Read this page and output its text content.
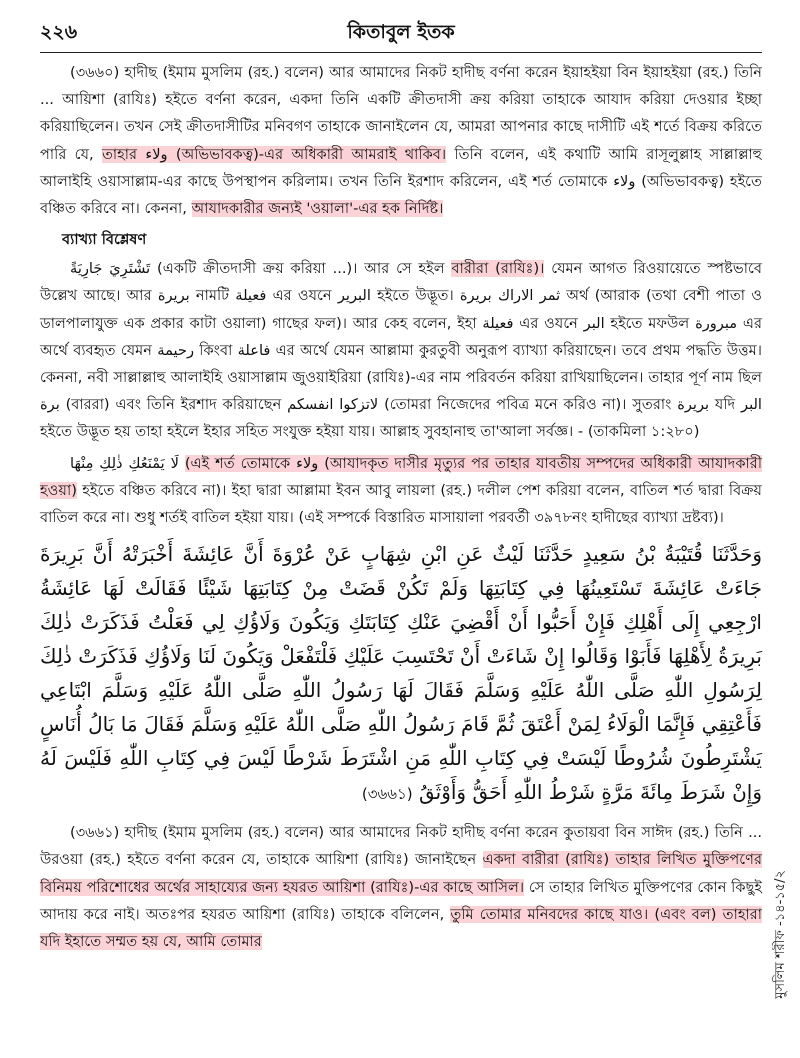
২২৬	কিতাবুল ইতক

(৩৬৬০) হাদীছ (ইমাম মুসলিম (রহ.) বলেন) আর আমাদের নিকট হাদীছ বর্ণনা করেন ইয়াহইয়া বিন ইয়াহইয়া (রহ.) তিনি ... আয়িশা (রাযিঃ) হইতে বর্ণনা করেন, একদা তিনি একটি ক্রীতদাসী ক্রয় করিয়া তাহাকে আযাদ করিয়া দেওয়ার ইচ্ছা করিয়াছিলেন। তখন সেই ক্রীতদাসীটির মনিবগণ তাহাকে জানাইলেন যে, আমরা আপনার কাছে দাসীটি এই শর্তে বিক্রয় করিতে পারি যে, তাহার ولاء (অভিভাবকত্ব)-এর অধিকারী আমরাই থাকিব। তিনি বলেন, এই কথাটি আমি রাসূলুল্লাহ সাল্লাল্লাহু আলাইহি ওয়াসাল্লাম-এর কাছে উপস্থাপন করিলাম। তখন তিনি ইরশাদ করিলেন, এই শর্ত তোমাকে ولاء (অভিভাবকত্ব) হইতে বঞ্চিত করিবে না। কেননা, আযাদকারীর জন্যই 'ওয়ালা'-এর হক নির্দিষ্ট।

ব্যাখ্যা বিশ্লেষণ

تَشْتَرِيَ جَارِيَةً (একটি ক্রীতদাসী ক্রয় করিয়া ...)। আর সে হইল বারীরা (রাযিঃ)। যেমন আগত রিওয়ায়েতে স্পষ্টভাবে উল্লেখ আছে। আর بريرة নামটি فعيلة এর ওযনে البرير হইতে উদ্ভূত। ثمر الاراك بريرة অর্থ (আরাক (তথা বেশী পাতা ও ডালপালাযুক্ত এক প্রকার কাটা ওয়ালা) গাছের ফল)। আর কেহ বলেন, ইহা فعيلة এর ওযনে البر হইতে মফউল مبرورة এর অর্থে ব্যবহৃত যেমন رحيمة কিংবা فاعلة এর অর্থে যেমন আল্লামা কুরতুবী অনুরূপ ব্যাখ্যা করিয়াছেন। তবে প্রথম পদ্ধতি উত্তম। কেননা, নবী সাল্লাল্লাহু আলাইহি ওয়াসাল্লাম জুওয়াইরিয়া (রাযিঃ)-এর নাম পরিবর্তন করিয়া রাখিয়াছিলেন। তাহার পূর্ণ নাম ছিল برة (বাররা) এবং তিনি ইরশাদ করিয়াছেন لاتزكوا انفسكم (তোমরা নিজেদের পবিত্র মনে করিও না)। সুতরাং بريرة যদি البر হইতে উদ্ভূত হয় তাহা হইলে ইহার সহিত সংযুক্ত হইয়া যায়। আল্লাহ সুবহানাহু তা'আলা সর্বজ্ঞ। - (তাকমিলা ১:২৮০)

لَا يَمْنَعُكِ ذٰلِكِ مِنْهَا (এই শর্ত তোমাকে ولاء (আযাদকৃত দাসীর মৃত্যুর পর তাহার যাবতীয় সম্পদের অধিকারী আযাদকারী হওয়া) হইতে বঞ্চিত করিবে না)। ইহা দ্বারা আল্লামা ইবন আবু লায়লা (রহ.) দলীল পেশ করিয়া বলেন, বাতিল শর্ত দ্বারা বিক্রয় বাতিল করে না। শুধু শর্তই বাতিল হইয়া যায়। (এই সম্পর্কে বিস্তারিত মাসায়ালা পরবর্তী ৩৯৭৮নং হাদীছের ব্যাখ্যা দ্রষ্টব্য)।

وَحَدَّثَنَا قُتَيْبَةُ بْنُ سَعِيدٍ حَدَّثَنَا لَيْثٌ عَنِ ابْنِ شِهَابٍ عَنْ عُرْوَةَ أَنَّ عَائِشَةَ أَخْبَرَتْهُ أَنَّ بَرِيرَةَ جَاءَتْ عَائِشَةَ تَسْتَعِينُهَا فِي كِتَابَتِهَا وَلَمْ تَكُنْ قَضَتْ مِنْ كِتَابَتِهَا شَيْئًا فَقَالَتْ لَهَا عَائِشَةُ ارْجِعِي إِلَى أَهْلِكِ فَإِنْ أَحَبُّوا أَنْ أَقْضِيَ عَنْكِ كِتَابَتَكِ وَيَكُونَ وَلَاؤُكِ لِي فَعَلْتُ فَذَكَرَتْ ذٰلِكَ بَرِيرَةُ لِأَهْلِهَا فَأَبَوْا وَقَالُوا إِنْ شَاءَتْ أَنْ تَحْتَسِبَ عَلَيْكِ فَلْتَفْعَلْ وَيَكُونَ لَنَا وَلَاؤُكِ فَذَكَرَتْ ذٰلِكَ لِرَسُولِ اللّٰهِ صَلَّى اللّٰهُ عَلَيْهِ وَسَلَّمَ فَقَالَ لَهَا رَسُولُ اللّٰهِ صَلَّى اللّٰهُ عَلَيْهِ وَسَلَّمَ ابْتَاعِي فَأَعْتِقِي فَإِنَّمَا الْوَلَاءُ لِمَنْ أَعْتَقَ ثُمَّ قَامَ رَسُولُ اللّٰهِ صَلَّى اللّٰهُ عَلَيْهِ وَسَلَّمَ فَقَالَ مَا بَالُ أُنَاسٍ يَشْتَرِطُونَ شُرُوطًا لَيْسَتْ فِي كِتَابِ اللّٰهِ مَنِ اشْتَرَطَ شَرْطًا لَيْسَ فِي كِتَابِ اللّٰهِ فَلَيْسَ لَهُ وَإِنْ شَرَطَ مِائَةَ مَرَّةٍ شَرْطُ اللّٰهِ أَحَقُّ وَأَوْثَقُ (৩৬৬১)

(৩৬৬১) হাদীছ (ইমাম মুসলিম (রহ.) বলেন) আর আমাদের নিকট হাদীছ বর্ণনা করেন কুতায়বা বিন সাঈদ (রহ.) তিনি ... উরওয়া (রহ.) হইতে বর্ণনা করেন যে, তাহাকে আয়িশা (রাযিঃ) জানাইছেন একদা বারীরা (রাযিঃ) তাহার লিখিত মুক্তিপণের বিনিময় পরিশোধের অর্থের সাহায্যের জন্য হযরত আয়িশা (রাযিঃ)-এর কাছে আসিল। সে তাহার লিখিত মুক্তিপণের কোন কিছুই আদায় করে নাই। অতঃপর হযরত আয়িশা (রাযিঃ) তাহাকে বলিলেন, তুমি তোমার মনিবদের কাছে যাও। (এবং বল) তাহারা যদি ইহাতে সম্মত হয় যে, আমি তোমার	মুসলিম শরীফ -১৪-১৫/২
